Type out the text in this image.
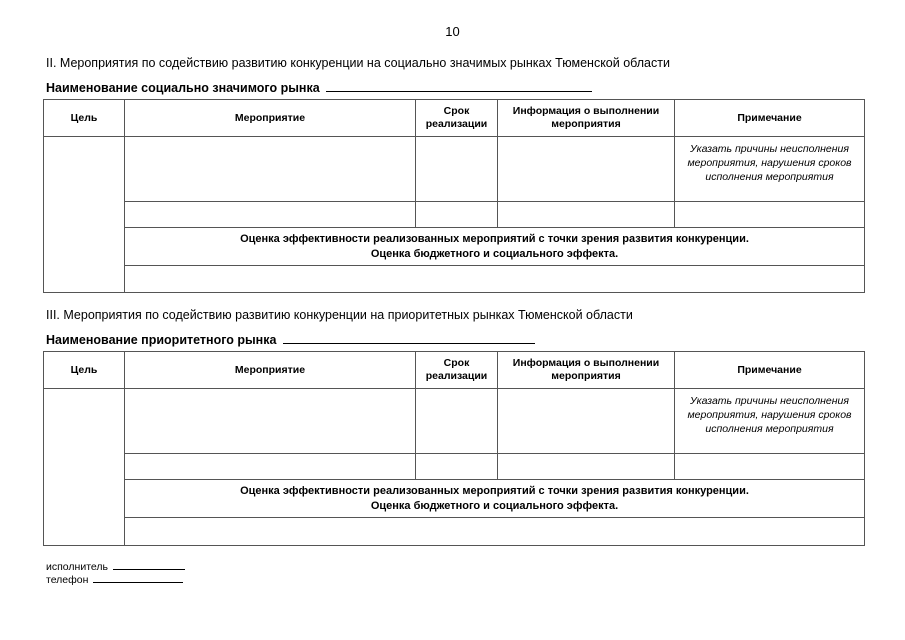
10
II. Мероприятия по содействию развитию конкуренции на социально значимых рынках Тюменской области
Наименование социально значимого рынка
Цель	Мероприятие	Срок реализации	Информация о выполнении мероприятия	Примечание
				Указать причины неисполнения мероприятия, нарушения сроков исполнения мероприятия

	Оценка эффективности реализованных мероприятий с точки зрения развития конкуренции.
Оценка бюджетного и социального эффекта.			

III. Мероприятия по содействию развитию конкуренции на приоритетных рынках Тюменской области
Наименование приоритетного рынка
Цель	Мероприятие	Срок реализации	Информация о выполнении мероприятия	Примечание
				Указать причины неисполнения мероприятия, нарушения сроков исполнения мероприятия

	Оценка эффективности реализованных мероприятий с точки зрения развития конкуренции.
Оценка бюджетного и социального эффекта.			

исполнитель
телефон
